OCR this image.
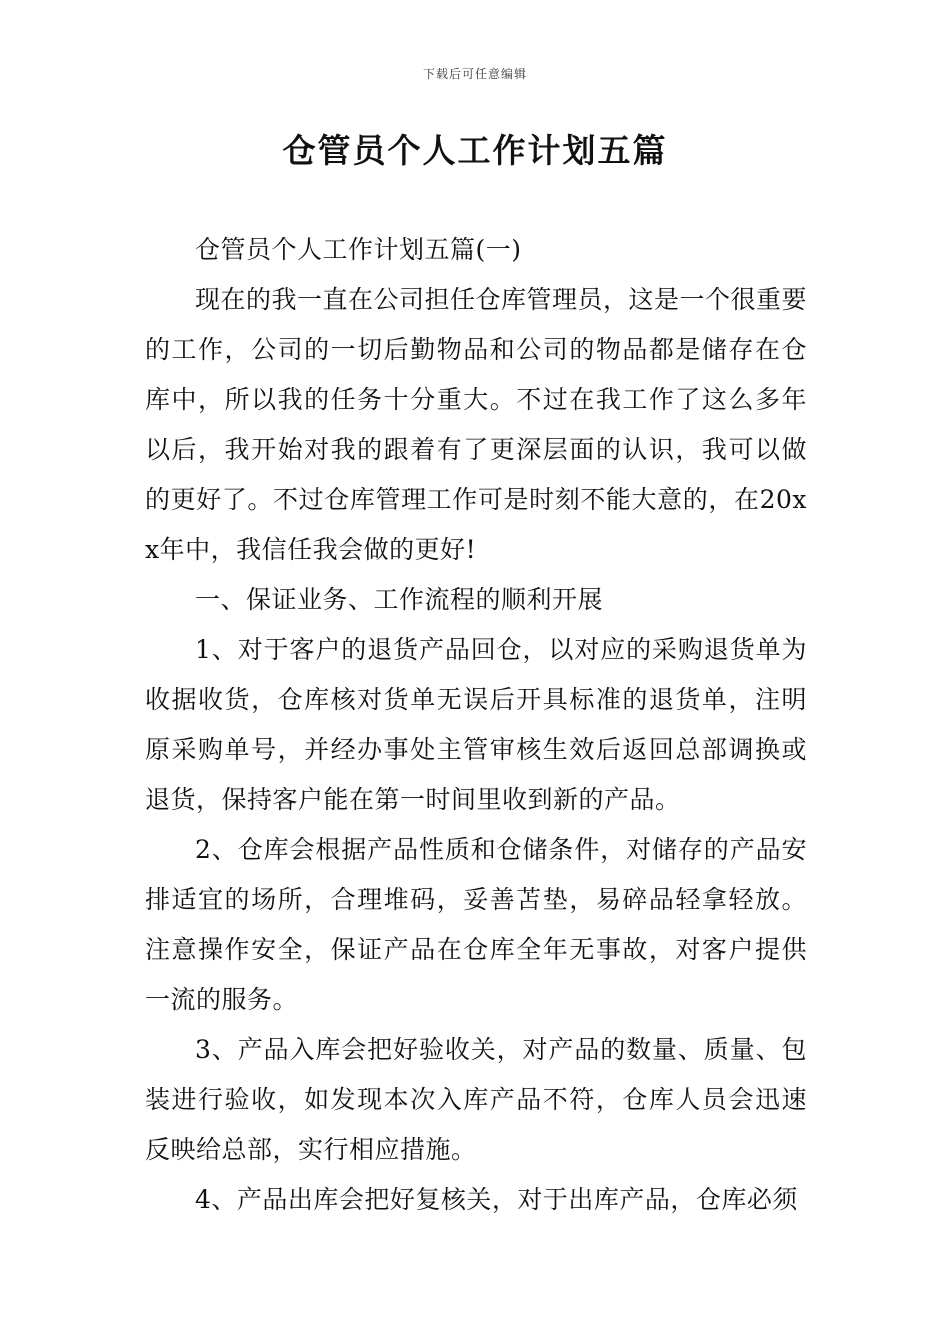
下载后可任意编辑
仓管员个人工作计划五篇

仓管员个人工作计划五篇(一)

现在的我一直在公司担任仓库管理员，这是一个很重要的工作，公司的一切后勤物品和公司的物品都是储存在仓库中，所以我的任务十分重大。不过在我工作了这么多年以后，我开始对我的跟着有了更深层面的认识，我可以做的更好了。不过仓库管理工作可是时刻不能大意的，在20xx年中，我信任我会做的更好!

一、保证业务、工作流程的顺利开展

1、对于客户的退货产品回仓，以对应的采购退货单为收据收货，仓库核对货单无误后开具标准的退货单，注明原采购单号，并经办事处主管审核生效后返回总部调换或退货，保持客户能在第一时间里收到新的产品。

2、仓库会根据产品性质和仓储条件，对储存的产品安排适宜的场所，合理堆码，妥善苫垫，易碎品轻拿轻放。注意操作安全，保证产品在仓库全年无事故，对客户提供一流的服务。

3、产品入库会把好验收关，对产品的数量、质量、包装进行验收，如发现本次入库产品不符，仓库人员会迅速反映给总部，实行相应措施。

4、产品出库会把好复核关，对于出库产品，仓库必须
